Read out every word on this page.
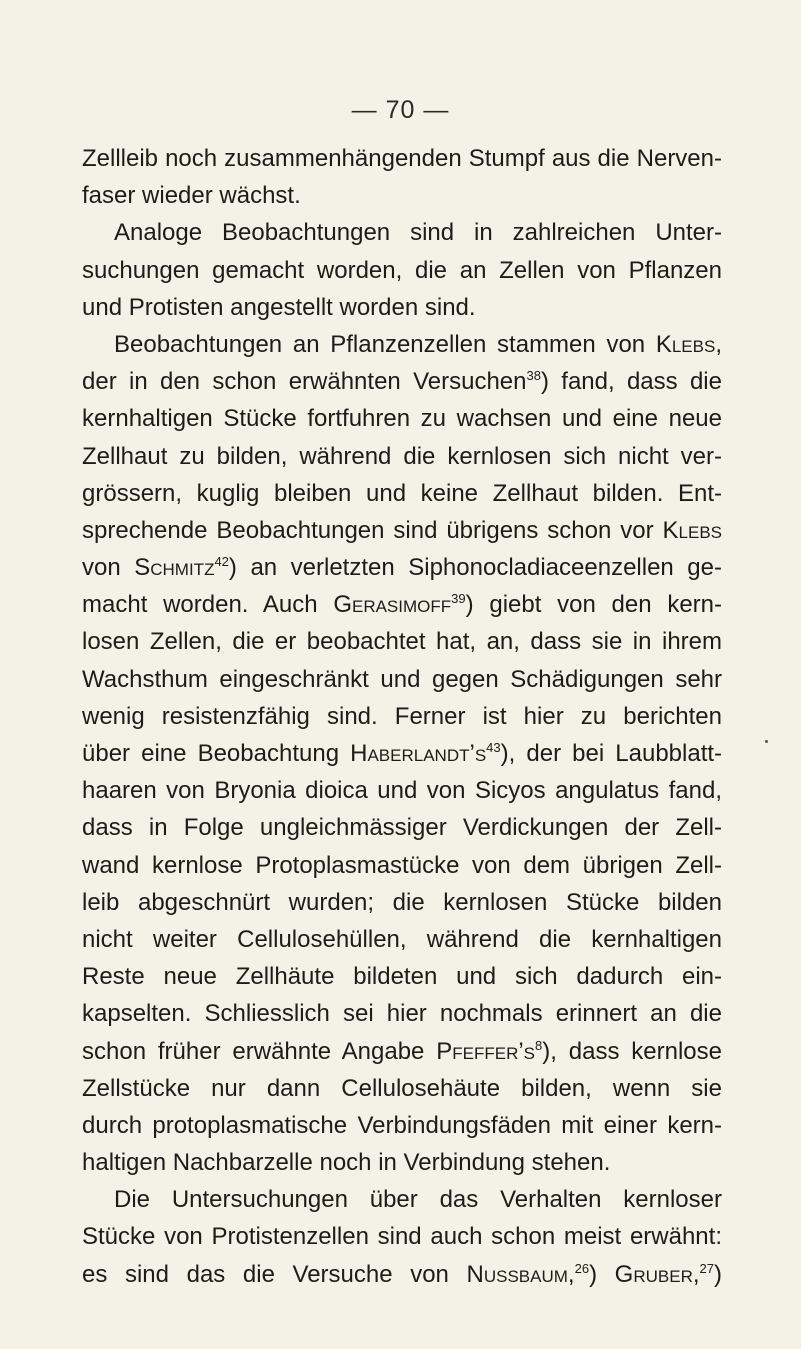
— 70 —
Zellleib noch zusammenhängenden Stumpf aus die Nerven-
faser wieder wächst.
Analoge Beobachtungen sind in zahlreichen Unter-
suchungen gemacht worden, die an Zellen von Pflanzen
und Protisten angestellt worden sind.
Beobachtungen an Pflanzenzellen stammen von Klebs,
der in den schon erwähnten Versuchen$^{38}$) fand, dass die
kernhaltigen Stücke fortfuhren zu wachsen und eine neue
Zellhaut zu bilden, während die kernlosen sich nicht ver-
grössern, kuglig bleiben und keine Zellhaut bilden. Ent-
sprechende Beobachtungen sind übrigens schon vor Klebs
von Schmitz$^{42}$) an verletzten Siphonocladiaceenzellen ge-
macht worden. Auch Gerasimoff$^{39}$) giebt von den kern-
losen Zellen, die er beobachtet hat, an, dass sie in ihrem
Wachsthum eingeschränkt und gegen Schädigungen sehr
wenig resistenzfähig sind. Ferner ist hier zu berichten
über eine Beobachtung $Haberlandt’s^{43}$), der bei Laubblatt-
haaren von Bryonia dioica und von Sicyos angulatus fand,
dass in Folge ungleichmässiger Verdickungen der Zell-
wand kernlose Protoplasmastücke von dem übrigen Zell-
leib abgeschnürt wurden; die kernlosen Stücke bilden
nicht weiter Cellulosehüllen, während die kernhaltigen
Reste neue Zellhäute bildeten und sich dadurch ein-
kapselten. Schliesslich sei hier nochmals erinnert an die
schon früher erwähnte Angabe $Pfeffer’s^8$), dass kernlose
Zellstücke nur dann Cellulosehäute bilden, wenn sie
durch protoplasmatische Verbindungsfäden mit einer kern-
haltigen Nachbarzelle noch in Verbindung stehen.
Die Untersuchungen über das Verhalten kernloser
Stücke von Protistenzellen sind auch schon meist erwähnt:
es sind das die Versuche von Nussbaum,$^{26}$) Gruber,$^{27}$)
